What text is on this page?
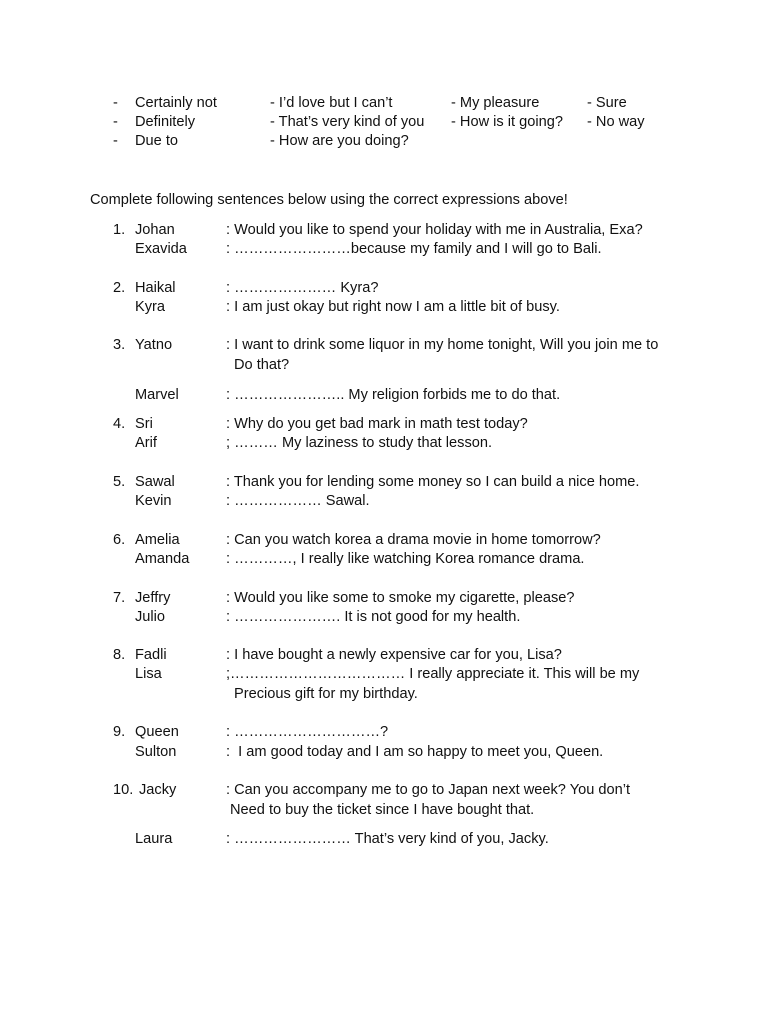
- Certainly not	- I’d love but I can’t	- My pleasure	- Sure
- Definitely	- That’s very kind of you - How is it going? - No way
- Due to	- How are you doing?
Complete following sentences below using the correct expressions above!
1. Johan	: Would you like to spend your holiday with me in Australia, Exa?
Exavida	: ……………………because my family and I will go to Bali.
2. Haikal	: ………………… Kyra?
Kyra	: I am just okay but right now I am a little bit of busy.
3. Yatno	: I want to drink some liquor in my home tonight, Will you join me to
Do that?
Marvel	: ………………….. My religion forbids me to do that.
4. Sri	: Why do you get bad mark in math test today?
Arif	; ……… My laziness to study that lesson.
5. Sawal	: Thank you for lending some money so I can build a nice home.
Kevin	: ……………… Sawal.
6. Amelia	: Can you watch korea a drama movie in home tomorrow?
Amanda	: …………, I really like watching Korea romance drama.
7. Jeffry	: Would you like some to smoke my cigarette, please?
Julio	: …………………. It is not good for my health.
8. Fadli	: I have bought a newly expensive car for you, Lisa?
Lisa	;……………………………… I really appreciate it. This will be my
Precious gift for my birthday.
9. Queen	: …………………………?
Sulton	:  I am good today and I am so happy to meet you, Queen.
10. Jacky	: Can you accompany me to go to Japan next week? You don’t
Need to buy the ticket since I have bought that.
Laura	: …………………… That’s very kind of you, Jacky.
